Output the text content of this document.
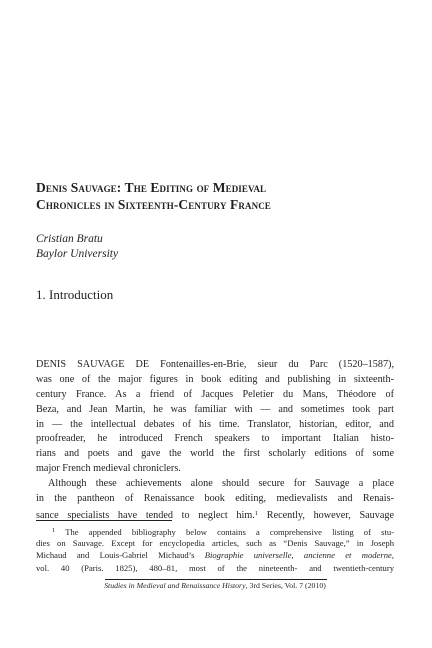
Denis Sauvage: The Editing of Medieval
Chronicles in Sixteenth-Century France
Cristian Bratu
Baylor University
1. Introduction
DENIS SAUVAGE DE Fontenailles-en-Brie, sieur du Parc (1520–1587),
was one of the major figures in book editing and publishing in sixteenth-
century France. As a friend of Jacques Peletier du Mans, Théodore of
Beza, and Jean Martin, he was familiar with — and sometimes took part
in — the intellectual debates of his time. Translator, historian, editor, and
proofreader, he introduced French speakers to important Italian histo-
rians and poets and gave the world the first scholarly editions of some
major French medieval chroniclers.
Although these achievements alone should secure for Sauvage a place
in the pantheon of Renaissance book editing, medievalists and Renais-
sance specialists have tended to neglect him.$^1$ Recently, however, Sauvage
$^1$ The appended bibliography below contains a comprehensive listing of stu-
dies on Sauvage. Except for encyclopedia articles, such as “Denis Sauvage,” in Joseph
Michaud and Louis-Gabriel Michaud’s Biographie universelle, ancienne et moderne,
vol. 40 (Paris. 1825), 480–81, most of the nineteenth- and twentieth-century
Studies in Medieval and Renaissance History, 3rd Series, Vol. 7 (2010)
